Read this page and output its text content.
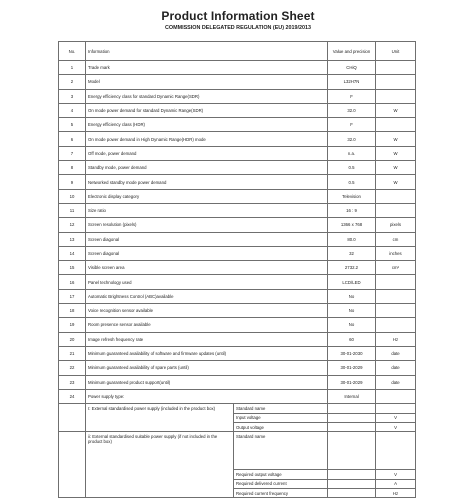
Product Information Sheet
COMMISSION DELEGATED REGULATION (EU) 2019/2013
No.	Information		Value and precision	Unit
1	Trade mark		CHiQ	
2	Model		L32H7N	
3	Energy efficiency class for standard Dynamic Range(SDR)		F	
4	On mode power demand for standard Dynamic Range(SDR)		32.0	W
5	Energy efficiency class (HDR)		F	
6	On mode power demand in High Dynamic Range(HDR) mode		32.0	W
7	Off mode, power demand		n.a.	W
8	Standby mode, power demand		0.5	W
9	Networked standby mode power demand		0.5	W
10	Electronic display category		Television	
11	Size ratio		16 : 9	
12	Screen resolution (pixels)		1366 x 768	pixels
13	Screen diagonal		80.0	cm
14	Screen diagonal		32	inches
15	Visible screen area		2732.2	cm²
16	Panel technology used		LCD/LED	
17	Automatic Brightness Control (ABC)available		No	
18	Voice recognition sensor available		No	
19	Room presence sensor available		No	
20	Image refresh frequency rate		60	Hz
21	Minimum guaranteed availability of software and firmware updates (until)		30-01-2030	date
22	Minimum guaranteed availability of spare parts (until)		30-01-2029	date
23	Minimum guaranteed product support(until)		30-01-2029	date
24	Power supply type:		Internal	
	I: External standardised power supply (included in the product box)	Standard name		
		Input voltage		V
		Output voltage		V
	ii: External standardised suitable power supply (if not included in the product box)	Standard name		
		Required output voltage		V
		Required delivered current		A
		Required current frequency		Hz
